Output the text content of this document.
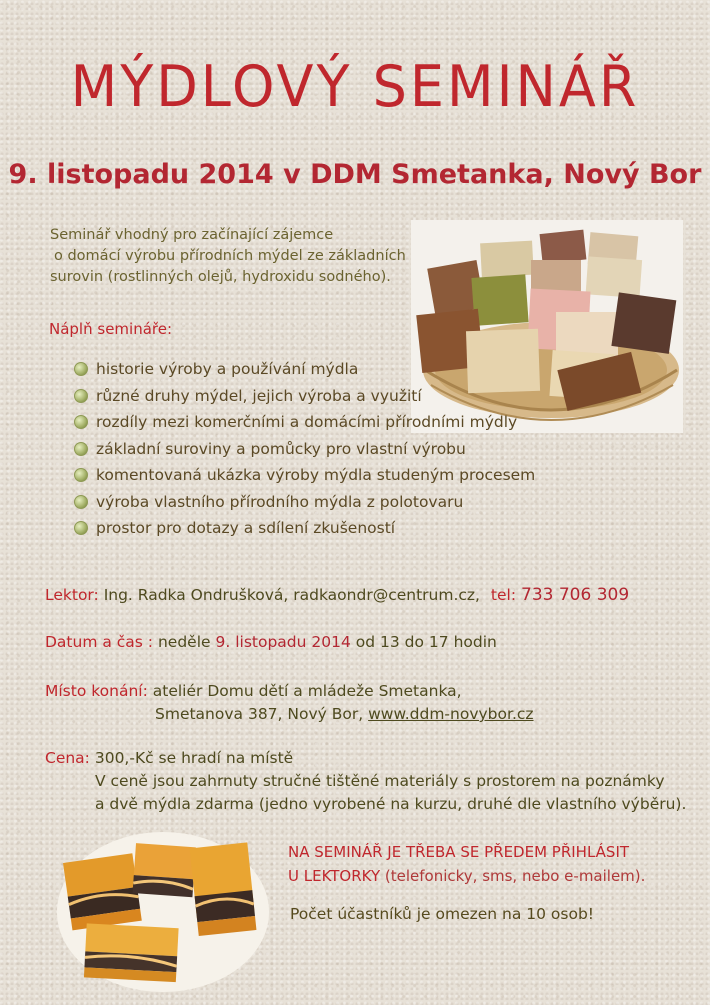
MÝDLOVÝ SEMINÁŘ
9. listopadu 2014 v DDM Smetanka, Nový Bor
Seminář vhodný pro začínající zájemce
o domácí výrobu přírodních mýdel ze základních
surovin (rostlinných olejů, hydroxidu sodného).
Náplň semináře:
historie výroby a používání mýdla
různé druhy mýdel, jejich výroba a využití
rozdíly mezi komerčními a domácími přírodními mýdly
základní suroviny a pomůcky pro vlastní výrobu
komentovaná ukázka výroby mýdla studeným procesem
výroba vlastního přírodního mýdla z polotovaru
prostor pro dotazy a sdílení zkušeností
Lektor: Ing. Radka Ondrušková, radkaondr@centrum.cz, tel: 733 706 309
Datum a čas : neděle 9. listopadu 2014 od 13 do 17 hodin
Místo konání: ateliér Domu dětí a mládeže Smetanka,
Smetanova 387, Nový Bor, www.ddm-novybor.cz
Cena: 300,-Kč se hradí na místě
V ceně jsou zahrnuty stručné tištěné materiály s prostorem na poznámky
a dvě mýdla zdarma (jedno vyrobené na kurzu, druhé dle vlastního výběru).
NA SEMINÁŘ JE TŘEBA SE PŘEDEM PŘIHLÁSIT
U LEKTORKY (telefonicky, sms, nebo e-mailem).
Počet účastníků je omezen na 10 osob!
